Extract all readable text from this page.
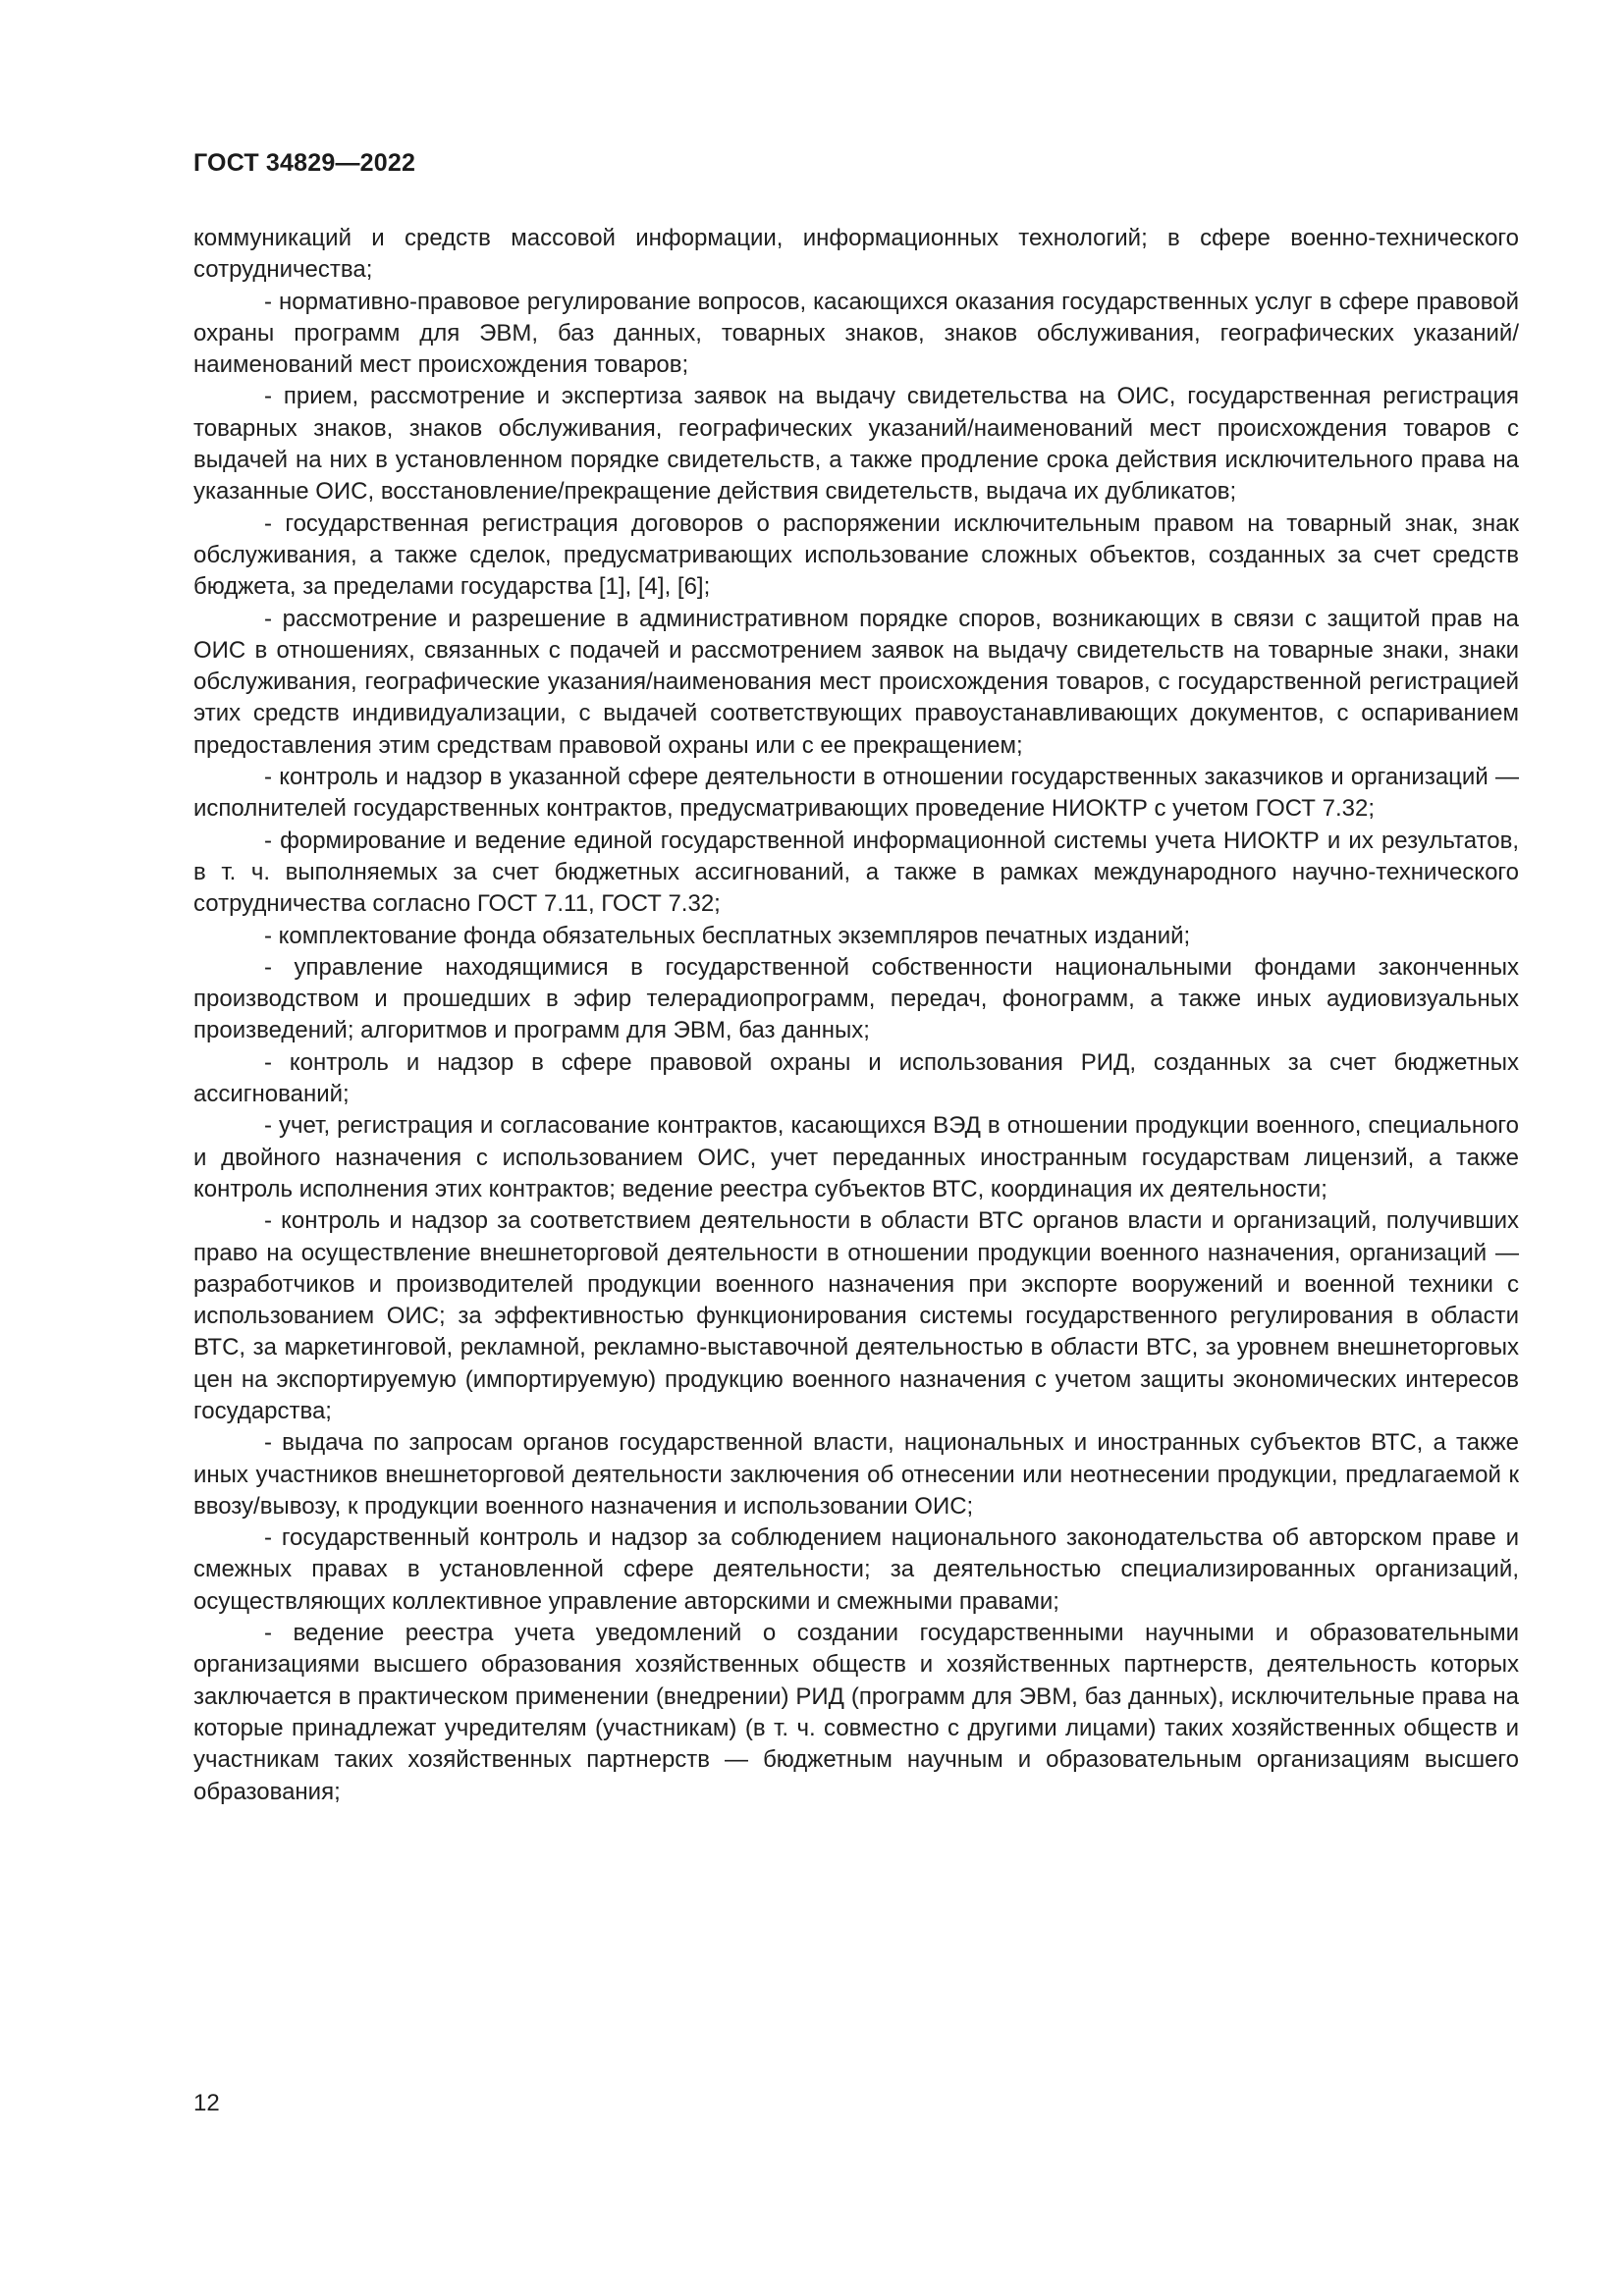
ГОСТ 34829—2022

коммуникаций и средств массовой информации, информационных технологий; в сфере военно-технического сотрудничества;

- нормативно-правовое регулирование вопросов, касающихся оказания государственных услуг в сфере правовой охраны программ для ЭВМ, баз данных, товарных знаков, знаков обслуживания, географических указаний/наименований мест происхождения товаров;

- прием, рассмотрение и экспертиза заявок на выдачу свидетельства на ОИС, государственная регистрация товарных знаков, знаков обслуживания, географических указаний/наименований мест происхождения товаров с выдачей на них в установленном порядке свидетельств, а также продление срока действия исключительного права на указанные ОИС, восстановление/прекращение действия свидетельств, выдача их дубликатов;

- государственная регистрация договоров о распоряжении исключительным правом на товарный знак, знак обслуживания, а также сделок, предусматривающих использование сложных объектов, созданных за счет средств бюджета, за пределами государства [1], [4], [6];

- рассмотрение и разрешение в административном порядке споров, возникающих в связи с защитой прав на ОИС в отношениях, связанных с подачей и рассмотрением заявок на выдачу свидетельств на товарные знаки, знаки обслуживания, географические указания/наименования мест происхождения товаров, с государственной регистрацией этих средств индивидуализации, с выдачей соответствующих правоустанавливающих документов, с оспариванием предоставления этим средствам правовой охраны или с ее прекращением;

- контроль и надзор в указанной сфере деятельности в отношении государственных заказчиков и организаций — исполнителей государственных контрактов, предусматривающих проведение НИОКТР с учетом ГОСТ 7.32;

- формирование и ведение единой государственной информационной системы учета НИОКТР и их результатов, в т. ч. выполняемых за счет бюджетных ассигнований, а также в рамках международного научно-технического сотрудничества согласно ГОСТ 7.11, ГОСТ 7.32;

- комплектование фонда обязательных бесплатных экземпляров печатных изданий;

- управление находящимися в государственной собственности национальными фондами законченных производством и прошедших в эфир телерадиопрограмм, передач, фонограмм, а также иных аудиовизуальных произведений; алгоритмов и программ для ЭВМ, баз данных;

- контроль и надзор в сфере правовой охраны и использования РИД, созданных за счет бюджетных ассигнований;

- учет, регистрация и согласование контрактов, касающихся ВЭД в отношении продукции военного, специального и двойного назначения с использованием ОИС, учет переданных иностранным государствам лицензий, а также контроль исполнения этих контрактов; ведение реестра субъектов ВТС, координация их деятельности;

- контроль и надзор за соответствием деятельности в области ВТС органов власти и организаций, получивших право на осуществление внешнеторговой деятельности в отношении продукции военного назначения, организаций — разработчиков и производителей продукции военного назначения при экспорте вооружений и военной техники с использованием ОИС; за эффективностью функционирования системы государственного регулирования в области ВТС, за маркетинговой, рекламной, рекламно-выставочной деятельностью в области ВТС, за уровнем внешнеторговых цен на экспортируемую (импортируемую) продукцию военного назначения с учетом защиты экономических интересов государства;

- выдача по запросам органов государственной власти, национальных и иностранных субъектов ВТС, а также иных участников внешнеторговой деятельности заключения об отнесении или неотнесении продукции, предлагаемой к ввозу/вывозу, к продукции военного назначения и использовании ОИС;

- государственный контроль и надзор за соблюдением национального законодательства об авторском праве и смежных правах в установленной сфере деятельности; за деятельностью специализированных организаций, осуществляющих коллективное управление авторскими и смежными правами;

- ведение реестра учета уведомлений о создании государственными научными и образовательными организациями высшего образования хозяйственных обществ и хозяйственных партнерств, деятельность которых заключается в практическом применении (внедрении) РИД (программ для ЭВМ, баз данных), исключительные права на которые принадлежат учредителям (участникам) (в т. ч. совместно с другими лицами) таких хозяйственных обществ и участникам таких хозяйственных партнерств — бюджетным научным и образовательным организациям высшего образования;

12
